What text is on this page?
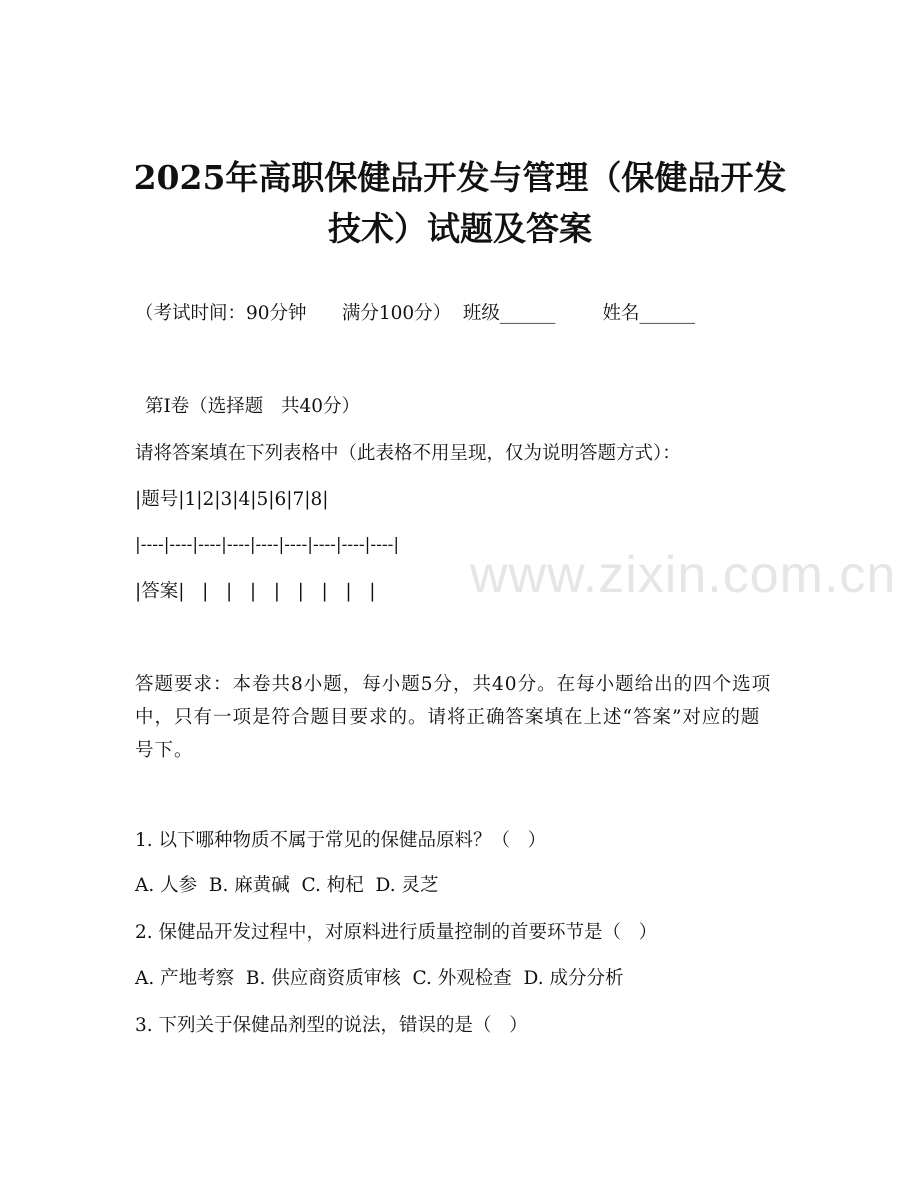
www.zixin.com.cn
2025年高职保健品开发与管理（保健品开发
技术）试题及答案

（考试时间：90分钟      满分100分）  班级______        姓名______

第I卷（选择题   共40分）

请将答案填在下列表格中（此表格不用呈现，仅为说明答题方式）：

|题号|1|2|3|4|5|6|7|8|

|----|----|----|----|----|----|----|----|----|

|答案|   |   |   |   |   |   |   |   |

答题要求：本卷共8小题，每小题5分，共40分。在每小题给出的四个选项中，只有一项是符合题目要求的。请将正确答案填在上述“答案”对应的题号下。

1. 以下哪种物质不属于常见的保健品原料？（   ）

A. 人参  B. 麻黄碱  C. 枸杞  D. 灵芝

2. 保健品开发过程中，对原料进行质量控制的首要环节是（   ）

A. 产地考察  B. 供应商资质审核  C. 外观检查  D. 成分分析

3. 下列关于保健品剂型的说法，错误的是（   ）
